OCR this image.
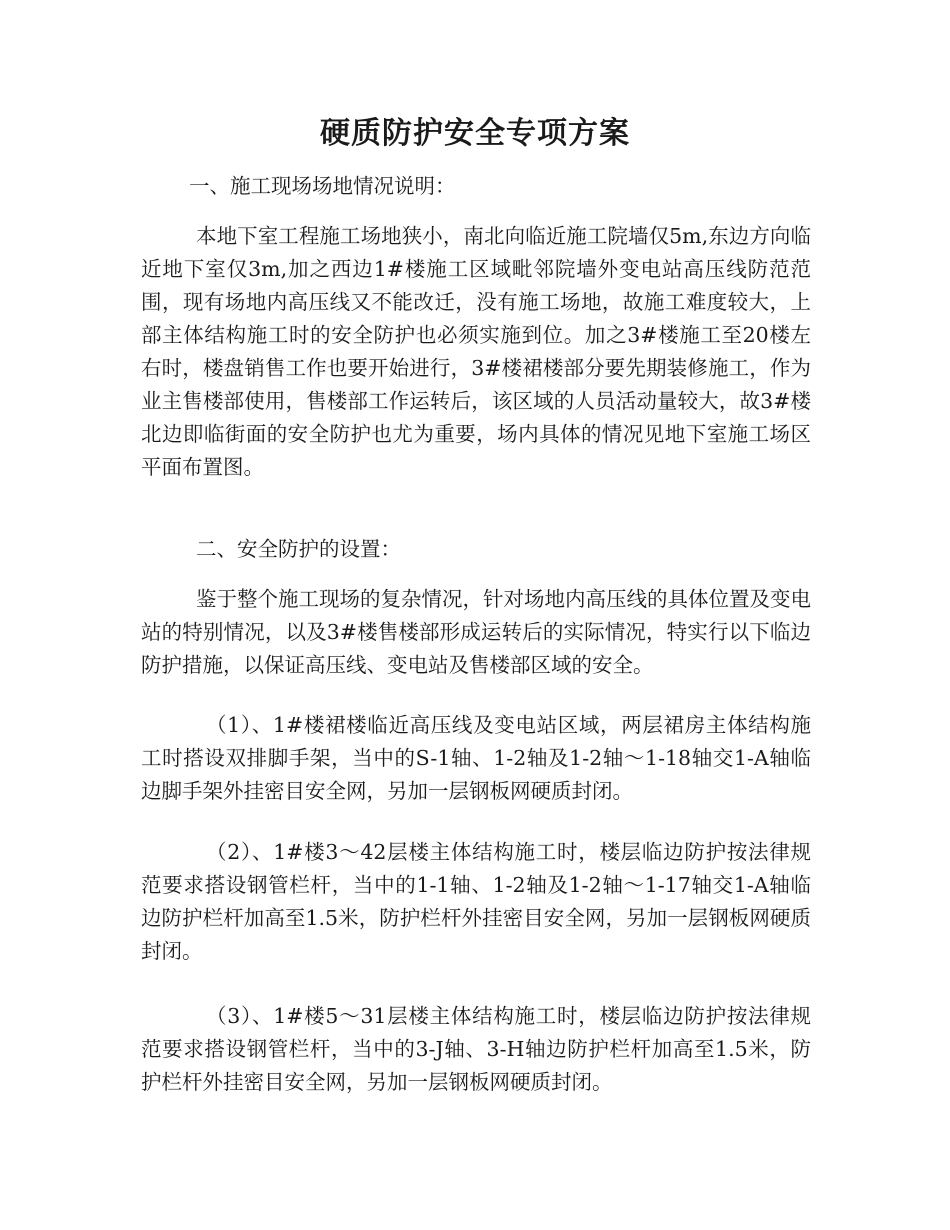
硬质防护安全专项方案
一、施工现场场地情况说明：
本地下室工程施工场地狭小，南北向临近施工院墙仅5m,东边方向临近地下室仅3m,加之西边1#楼施工区域毗邻院墙外变电站高压线防范范围，现有场地内高压线又不能改迁，没有施工场地，故施工难度较大，上部主体结构施工时的安全防护也必须实施到位。加之3#楼施工至20楼左右时，楼盘销售工作也要开始进行，3#楼裙楼部分要先期装修施工，作为业主售楼部使用，售楼部工作运转后，该区域的人员活动量较大，故3#楼北边即临街面的安全防护也尤为重要，场内具体的情况见地下室施工场区平面布置图。
二、安全防护的设置：
鉴于整个施工现场的复杂情况，针对场地内高压线的具体位置及变电站的特别情况，以及3#楼售楼部形成运转后的实际情况，特实行以下临边防护措施，以保证高压线、变电站及售楼部区域的安全。
（1）、1#楼裙楼临近高压线及变电站区域，两层裙房主体结构施工时搭设双排脚手架，当中的S-1轴、1-2轴及1-2轴～1-18轴交1-A轴临边脚手架外挂密目安全网，另加一层钢板网硬质封闭。
（2）、1#楼3～42层楼主体结构施工时，楼层临边防护按法律规范要求搭设钢管栏杆，当中的1-1轴、1-2轴及1-2轴～1-17轴交1-A轴临边防护栏杆加高至1.5米，防护栏杆外挂密目安全网，另加一层钢板网硬质封闭。
（3）、1#楼5～31层楼主体结构施工时，楼层临边防护按法律规范要求搭设钢管栏杆，当中的3-J轴、3-H轴边防护栏杆加高至1.5米，防护栏杆外挂密目安全网，另加一层钢板网硬质封闭。
